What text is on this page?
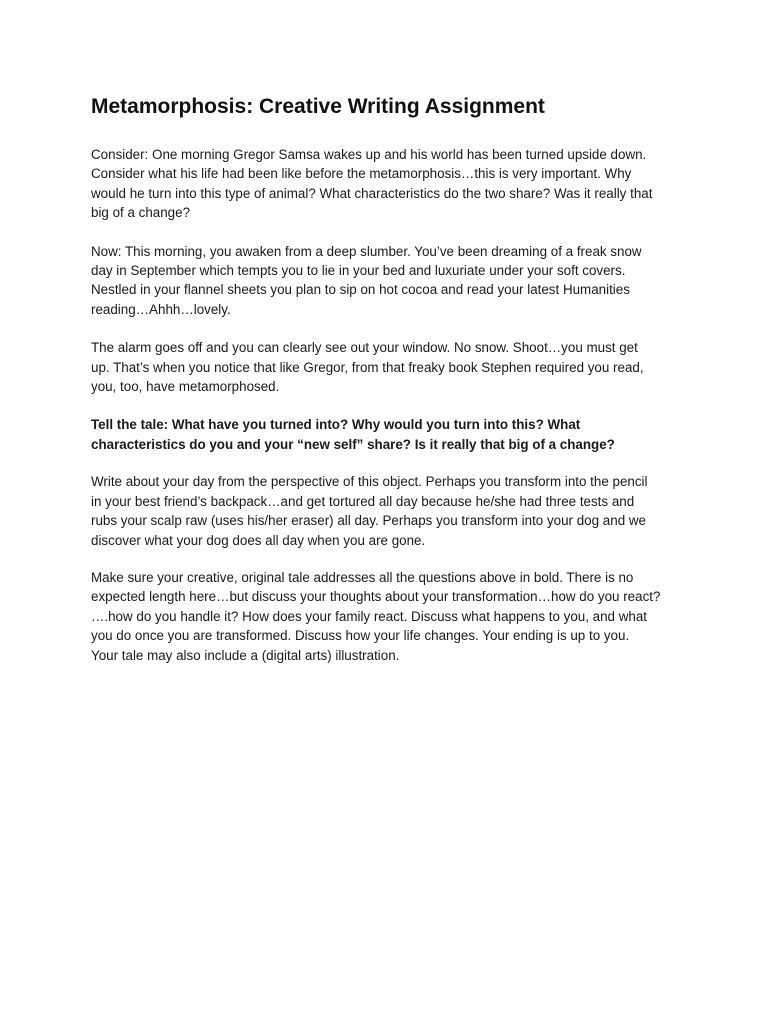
Metamorphosis: Creative Writing Assignment
Consider: One morning Gregor Samsa wakes up and his world has been turned upside down.
Consider what his life had been like before the metamorphosis…this is very important. Why
would he turn into this type of animal? What characteristics do the two share? Was it really that
big of a change?
Now: This morning, you awaken from a deep slumber. You’ve been dreaming of a freak snow
day in September which tempts you to lie in your bed and luxuriate under your soft covers.
Nestled in your flannel sheets you plan to sip on hot cocoa and read your latest Humanities
reading…Ahhh…lovely.
The alarm goes off and you can clearly see out your window. No snow. Shoot…you must get
up. That’s when you notice that like Gregor, from that freaky book Stephen required you read,
you, too, have metamorphosed.
Tell the tale: What have you turned into? Why would you turn into this? What
characteristics do you and your “new self” share? Is it really that big of a change?
Write about your day from the perspective of this object. Perhaps you transform into the pencil
in your best friend’s backpack…and get tortured all day because he/she had three tests and
rubs your scalp raw (uses his/her eraser) all day. Perhaps you transform into your dog and we
discover what your dog does all day when you are gone.
Make sure your creative, original tale addresses all the questions above in bold. There is no
expected length here…but discuss your thoughts about your transformation…how do you react?
….how do you handle it? How does your family react. Discuss what happens to you, and what
you do once you are transformed. Discuss how your life changes. Your ending is up to you.
Your tale may also include a (digital arts) illustration.
